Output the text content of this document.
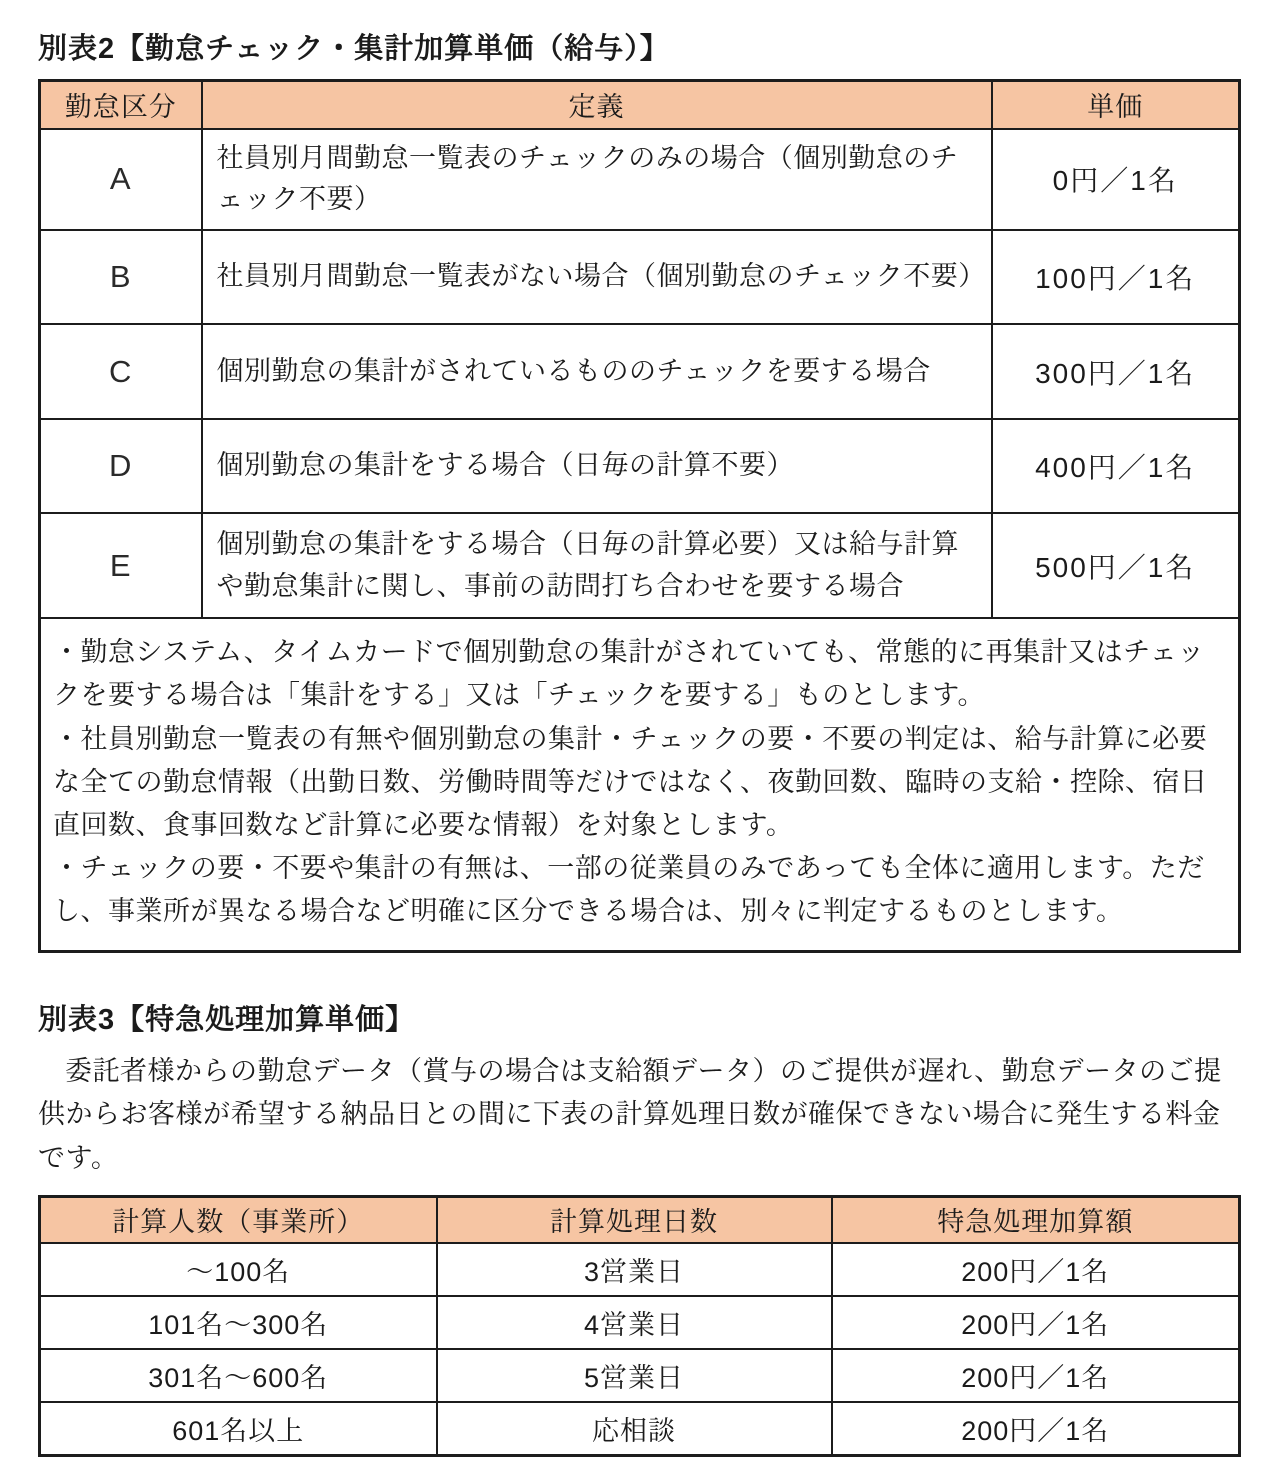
別表2【勤怠チェック・集計加算単価（給与）】
勤怠区分	定義	単価
A	社員別月間勤怠一覧表のチェックのみの場合（個別勤怠のチェック不要）	0円／1名
B	社員別月間勤怠一覧表がない場合（個別勤怠のチェック不要）	100円／1名
C	個別勤怠の集計がされているもののチェックを要する場合	300円／1名
D	個別勤怠の集計をする場合（日毎の計算不要）	400円／1名
E	個別勤怠の集計をする場合（日毎の計算必要）又は給与計算や勤怠集計に関し、事前の訪問打ち合わせを要する場合	500円／1名

・勤怠システム、タイムカードで個別勤怠の集計がされていても、常態的に再集計又はチェックを要する場合は「集計をする」又は「チェックを要する」ものとします。

・社員別勤怠一覧表の有無や個別勤怠の集計・チェックの要・不要の判定は、給与計算に必要な全ての勤怠情報（出勤日数、労働時間等だけではなく、夜勤回数、臨時の支給・控除、宿日直回数、食事回数など計算に必要な情報）を対象とします。

・チェックの要・不要や集計の有無は、一部の従業員のみであっても全体に適用します。ただし、事業所が異なる場合など明確に区分できる場合は、別々に判定するものとします。		

別表3【特急処理加算単価】

委託者様からの勤怠データ（賞与の場合は支給額データ）のご提供が遅れ、勤怠データのご提供からお客様が希望する納品日との間に下表の計算処理日数が確保できない場合に発生する料金です。

計算人数（事業所）	計算処理日数	特急処理加算額
～100名	3営業日	200円／1名
101名～300名	4営業日	200円／1名
301名～600名	5営業日	200円／1名
601名以上	応相談	200円／1名
